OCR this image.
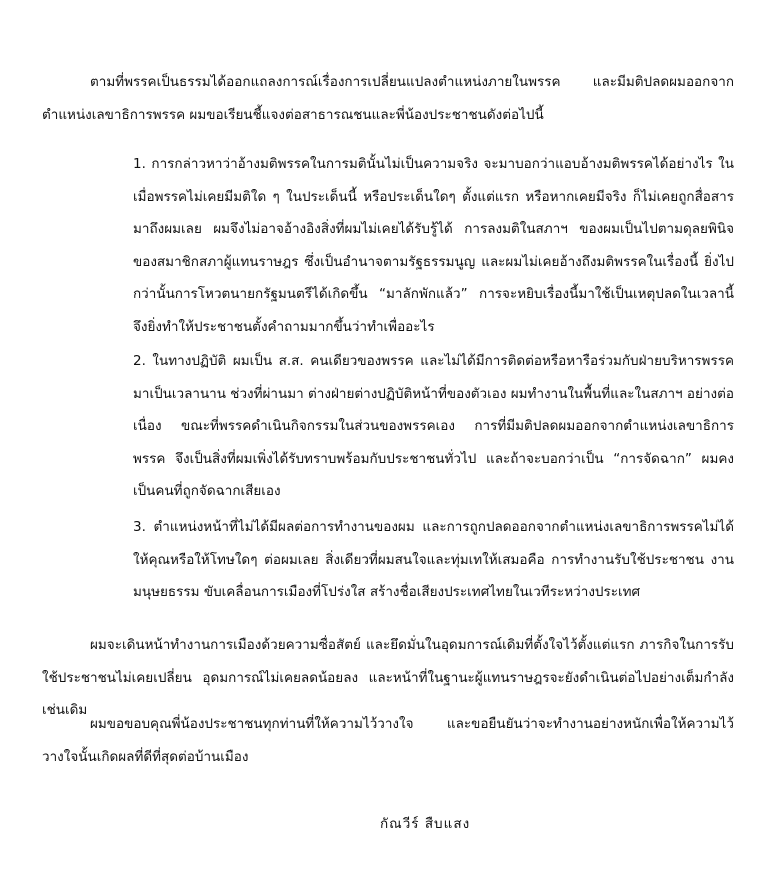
ตามที่พรรคเป็นธรรมได้ออกแถลงการณ์เรื่องการเปลี่ยนแปลงตำแหน่งภายในพรรค และมีมติปลดผมออกจากตำแหน่งเลขาธิการพรรค ผมขอเรียนชี้แจงต่อสาธารณชนและพี่น้องประชาชนดังต่อไปนี้

1. การกล่าวหาว่าอ้างมติพรรคในการมตินั้นไม่เป็นความจริง จะมาบอกว่าแอบอ้างมติพรรคได้อย่างไร ในเมื่อพรรคไม่เคยมีมติใด ๆ ในประเด็นนี้ หรือประเด็นใดๆ ตั้งแต่แรก หรือหากเคยมีจริง ก็ไม่เคยถูกสื่อสารมาถึงผมเลย ผมจึงไม่อาจอ้างอิงสิ่งที่ผมไม่เคยได้รับรู้ได้ การลงมติในสภาฯ ของผมเป็นไปตามดุลยพินิจของสมาชิกสภาผู้แทนราษฎร ซึ่งเป็นอำนาจตามรัฐธรรมนูญ และผมไม่เคยอ้างถึงมติพรรคในเรื่องนี้ ยิ่งไปกว่านั้นการโหวตนายกรัฐมนตรีได้เกิดขึ้น “มาลักพักแล้ว” การจะหยิบเรื่องนี้มาใช้เป็นเหตุปลดในเวลานี้ จึงยิ่งทำให้ประชาชนตั้งคำถามมากขึ้นว่าทำเพื่ออะไร

2. ในทางปฏิบัติ ผมเป็น ส.ส. คนเดียวของพรรค และไม่ได้มีการติดต่อหรือหารือร่วมกับฝ่ายบริหารพรรคมาเป็นเวลานาน ช่วงที่ผ่านมา ต่างฝ่ายต่างปฏิบัติหน้าที่ของตัวเอง ผมทำงานในพื้นที่และในสภาฯ อย่างต่อเนื่อง ขณะที่พรรคดำเนินกิจกรรมในส่วนของพรรคเอง การที่มีมติปลดผมออกจากตำแหน่งเลขาธิการพรรค จึงเป็นสิ่งที่ผมเพิ่งได้รับทราบพร้อมกับประชาชนทั่วไป และถ้าจะบอกว่าเป็น “การจัดฉาก” ผมคงเป็นคนที่ถูกจัดฉากเสียเอง

3. ตำแหน่งหน้าที่ไม่ได้มีผลต่อการทำงานของผม และการถูกปลดออกจากตำแหน่งเลขาธิการพรรคไม่ได้ให้คุณหรือให้โทษใดๆ ต่อผมเลย สิ่งเดียวที่ผมสนใจและทุ่มเทให้เสมอคือ การทำงานรับใช้ประชาชน งานมนุษยธรรม ขับเคลื่อนการเมืองที่โปร่งใส สร้างชื่อเสียงประเทศไทยในเวทีระหว่างประเทศ

ผมจะเดินหน้าทำงานการเมืองด้วยความซื่อสัตย์ และยึดมั่นในอุดมการณ์เดิมที่ตั้งใจไว้ตั้งแต่แรก ภารกิจในการรับใช้ประชาชนไม่เคยเปลี่ยน อุดมการณ์ไม่เคยลดน้อยลง และหน้าที่ในฐานะผู้แทนราษฎรจะยังดำเนินต่อไปอย่างเต็มกำลังเช่นเดิม

ผมขอขอบคุณพี่น้องประชาชนทุกท่านที่ให้ความไว้วางใจ และขอยืนยันว่าจะทำงานอย่างหนักเพื่อให้ความไว้วางใจนั้นเกิดผลที่ดีที่สุดต่อบ้านเมือง

กัณวีร์ สืบแสง
